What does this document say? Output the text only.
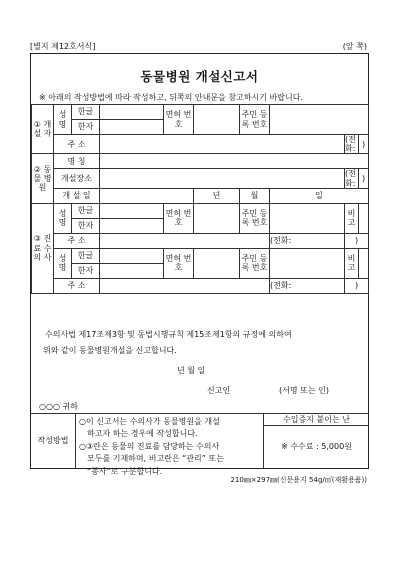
[별지 제12호서식]	(앞 쪽)
동물병원 개설신고서
※ 아래의 작성방법에 따라 작성하고, 뒤쪽의 안내문을 참고하시기 바랍니다.
① 개 설 자	성 명	한글		면허 번호		주민 등록 번호			
		한자							
	주 소							(전화:	)
② 동 물 병 원	명 칭								
	개설장소							(전화:	)
	개 설 일				년	월	일		
③ 진 료 수 의 사	성 명	한글		면허 번호		주민 등록 번호		비 고	
		한자							
	주 소						(전화:	)	
	성 명	한글		면허 번호		주민 등록 번호		비 고	
		한자							
	주 소						(전화:	)	
수의사법 제17조제3항 및 동법시행규칙 제15조제1항의 규정에 의하여
위와 같이 동물병원개설을 신고합니다.
년 월 일
신고인	(서명 또는 인)
○○○ 귀하
작성방법

○이 신고서는 수의사가 동물병원을 개설

하고자 하는 경우에 작성합니다.

○③란은 동물의 진료를 담당하는 수의사

모두를 기재하며, 비고란은 “관리” 또는

“종사”로 구분합니다.

수입증지 붙이는 난
※ 수수료 : 5,000원
210㎜×297㎜(신문용지 54g/㎡(재활용품))
